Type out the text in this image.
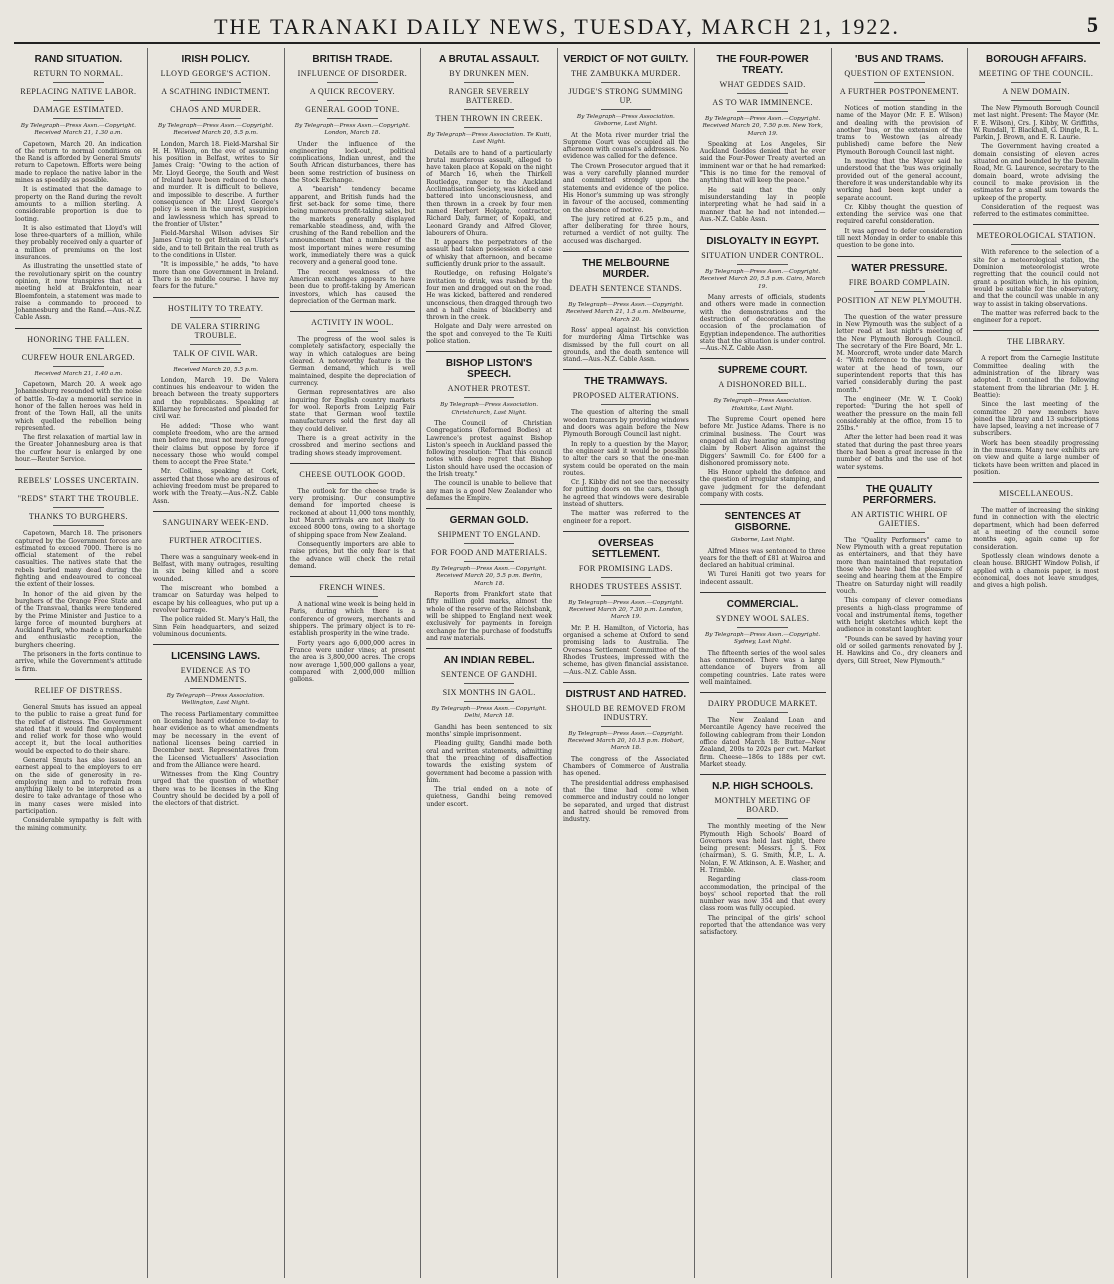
THE TARANAKI DAILY NEWS, TUESDAY, MARCH 21, 1922.	5
RAND SITUATION.
RETURN TO NORMAL.
REPLACING NATIVE LABOR.
DAMAGE ESTIMATED.
By Telegraph—Press Assn.—Copyright. Received March 21, 1.30 a.m.

Capetown, March 20. An indication of the return to normal conditions on the Rand is afforded by General Smuts' return to Capetown. Efforts were being made to replace the native labor in the mines as speedily as possible.

It is estimated that the damage to property on the Rand during the revolt amounts to a million sterling. A considerable proportion is due to looting.

It is also estimated that Lloyd's will lose three-quarters of a million, while they probably received only a quarter of a million of premiums on the lost insurances.

As illustrating the unsettled state of the revolutionary spirit on the country opinion, it now transpires that at a meeting held at Brakfontein, near Bloemfontein, a statement was made to raise a commando to proceed to Johannesburg and the Rand.—Aus.-N.Z. Cable Assn.

HONORING THE FALLEN.
CURFEW HOUR ENLARGED.
Received March 21, 1.40 a.m.

Capetown, March 20. A week ago Johannesburg resounded with the noise of battle. To-day a memorial service in honor of the fallen heroes was held in front of the Town Hall, all the units which quelled the rebellion being represented.

The first relaxation of martial law in the Greater Johannesburg area is that the curfew hour is enlarged by one hour.—Reuter Service.

REBELS' LOSSES UNCERTAIN.
"REDS" START THE TROUBLE.
THANKS TO BURGHERS.

Capetown, March 18. The prisoners captured by the Government forces are estimated to exceed 7000. There is no official statement of the rebel casualties. The natives state that the rebels buried many dead during the fighting and endeavoured to conceal the extent of their losses.

In honor of the aid given by the burghers of the Orange Free State and of the Transvaal, thanks were tendered by the Prime Minister and Justice to a large force of mounted burghers at Auckland Park, who made a remarkable and enthusiastic reception, the burghers cheering.

The prisoners in the forts continue to arrive, while the Government's attitude is firm.

RELIEF OF DISTRESS.

General Smuts has issued an appeal to the public to raise a great fund for the relief of distress. The Government stated that it would find employment and relief work for those who would accept it, but the local authorities would be expected to do their share.

General Smuts has also issued an earnest appeal to the employers to err on the side of generosity in re-employing men and to refrain from anything likely to be interpreted as a desire to take advantage of those who in many cases were misled into participation.

Considerable sympathy is felt with the mining community.

IRISH POLICY.
LLOYD GEORGE'S ACTION.
A SCATHING INDICTMENT.
CHAOS AND MURDER.
By Telegraph—Press Assn.—Copyright. Received March 20, 5.5 p.m.

London, March 18. Field-Marshal Sir H. H. Wilson, on the eve of assuming his position in Belfast, writes to Sir James Craig: "Owing to the action of Mr. Lloyd George, the South and West of Ireland have been reduced to chaos and murder. It is difficult to believe, and impossible to describe. A further consequence of Mr. Lloyd George's policy is seen in the unrest, suspicion and lawlessness which has spread to the frontier of Ulster."

Field-Marshal Wilson advises Sir James Craig to get Britain on Ulster's side, and to tell Britain the real truth as to the conditions in Ulster.

"It is impossible," he adds, "to have more than one Government in Ireland. There is no middle course. I have my fears for the future."

HOSTILITY TO TREATY.
DE VALERA STIRRING TROUBLE.
TALK OF CIVIL WAR.
Received March 20, 5.5 p.m.

London, March 19. De Valera continues his endeavour to widen the breach between the treaty supporters and the republicans. Speaking at Killarney he forecasted and pleaded for civil war.

He added: "Those who want complete freedom, who are the armed men before me, must not merely forego their claims but oppose by force if necessary those who would compel them to accept the Free State."

Mr. Collins, speaking at Cork, asserted that those who are desirous of achieving freedom must be prepared to work with the Treaty.—Aus.-N.Z. Cable Assn.

SANGUINARY WEEK-END.
FURTHER ATROCITIES.

There was a sanguinary week-end in Belfast, with many outrages, resulting in six being killed and a score wounded.

The miscreant who bombed a tramcar on Saturday was helped to escape by his colleagues, who put up a revolver barrage.

The police raided St. Mary's Hall, the Sinn Fein headquarters, and seized voluminous documents.

LICENSING LAWS.
EVIDENCE AS TO AMENDMENTS.
By Telegraph—Press Association. Wellington, Last Night.

The recess Parliamentary committee on licensing heard evidence to-day to hear evidence as to what amendments may be necessary in the event of national licenses being carried in December next. Representatives from the Licensed Victuallers' Association and from the Alliance were heard.

Witnesses from the King Country urged that the question of whether there was to be licenses in the King Country should be decided by a poll of the electors of that district.

BRITISH TRADE.
INFLUENCE OF DISORDER.
A QUICK RECOVERY.
GENERAL GOOD TONE.
By Telegraph—Press Assn.—Copyright. London, March 18.

Under the influence of the engineering lock-out, political complications, Indian unrest, and the South African disturbances, there has been some restriction of business on the Stock Exchange.

A "bearish" tendency became apparent, and British funds had the first set-back for some time, there being numerous profit-taking sales, but the markets generally displayed remarkable steadiness, and, with the crushing of the Rand rebellion and the announcement that a number of the most important mines were resuming work, immediately there was a quick recovery and a general good tone.

The recent weakness of the American exchanges appears to have been due to profit-taking by American investors, which has caused the depreciation of the German mark.

ACTIVITY IN WOOL.

The progress of the wool sales is completely satisfactory, especially the way in which catalogues are being cleared. A noteworthy feature is the German demand, which is well maintained, despite the depreciation of currency.

German representatives are also inquiring for English country markets for wool. Reports from Leipzig Fair state that German wool textile manufacturers sold the first day all they could deliver.

There is a great activity in the crossbred and merino sections and trading shows steady improvement.

CHEESE OUTLOOK GOOD.

The outlook for the cheese trade is very promising. Our consumptive demand for imported cheese is reckoned at about 11,000 tons monthly, but March arrivals are not likely to exceed 8000 tons, owing to a shortage of shipping space from New Zealand.

Consequently importers are able to raise prices, but the only fear is that the advance will check the retail demand.

FRENCH WINES.

A national wine week is being held in Paris, during which there is a conference of growers, merchants and shippers. The primary object is to re-establish prosperity in the wine trade.

Forty years ago 6,000,000 acres in France were under vines; at present the area is 3,800,000 acres. The crops now average 1,500,000 gallons a year, compared with 2,000,000 million gallons.

A BRUTAL ASSAULT.
BY DRUNKEN MEN.
RANGER SEVERELY BATTERED.
THEN THROWN IN CREEK.
By Telegraph—Press Association. Te Kuiti, Last Night.

Details are to hand of a particularly brutal murderous assault, alleged to have taken place at Kopaki on the night of March 16, when the Thirkell Routledge, ranger to the Auckland Acclimatisation Society, was kicked and battered into unconsciousness, and then thrown in a creek by four men named Herbert Holgate, contractor, Richard Daly, farmer, of Kopaki, and Leonard Grandy and Alfred Glover, labourers of Ohura.

It appears the perpetrators of the assault had taken possession of a case of whisky that afternoon, and became sufficiently drunk prior to the assault.

Routledge, on refusing Holgate's invitation to drink, was rushed by the four men and dragged out on the road. He was kicked, battered and rendered unconscious, then dragged through two and a half chains of blackberry and thrown in the creek.

Holgate and Daly were arrested on the spot and conveyed to the Te Kuiti police station.

BISHOP LISTON'S SPEECH.
ANOTHER PROTEST.
By Telegraph—Press Association. Christchurch, Last Night.

The Council of Christian Congregations (Reformed Bodies) at Lawrence's protest against Bishop Liston's speech in Auckland passed the following resolution: "That this council notes with deep regret that Bishop Liston should have used the occasion of the Irish treaty."

The council is unable to believe that any man is a good New Zealander who defames the Empire.

GERMAN GOLD.
SHIPMENT TO ENGLAND.
FOR FOOD AND MATERIALS.
By Telegraph—Press Assn.—Copyright. Received March 20, 5.5 p.m. Berlin, March 18.

Reports from Frankfort state that fifty million gold marks, almost the whole of the reserve of the Reichsbank, will be shipped to England next week exclusively for payments in foreign exchange for the purchase of foodstuffs and raw materials.

AN INDIAN REBEL.
SENTENCE OF GANDHI.
SIX MONTHS IN GAOL.
By Telegraph—Press Assn.—Copyright. Delhi, March 18.

Gandhi has been sentenced to six months' simple imprisonment.

Pleading guilty, Gandhi made both oral and written statements, admitting that the preaching of disaffection towards the existing system of government had become a passion with him.

The trial ended on a note of quietness, Gandhi being removed under escort.

VERDICT OF NOT GUILTY.
THE ZAMBUKKA MURDER.
JUDGE'S STRONG SUMMING UP.
By Telegraph—Press Association. Gisborne, Last Night.

At the Mota river murder trial the Supreme Court was occupied all the afternoon with counsel's addresses. No evidence was called for the defence.

The Crown Prosecutor argued that it was a very carefully planned murder and committed strongly upon the statements and evidence of the police. His Honor's summing up was strongly in favour of the accused, commenting on the absence of motive.

The jury retired at 6.25 p.m., and after deliberating for three hours, returned a verdict of not guilty. The accused was discharged.

THE MELBOURNE MURDER.
DEATH SENTENCE STANDS.
By Telegraph—Press Assn.—Copyright. Received March 21, 1.5 a.m. Melbourne, March 20.

Ross' appeal against his conviction for murdering Alma Tirtschke was dismissed by the full court on all grounds, and the death sentence will stand.—Aus.-N.Z. Cable Assn.

THE TRAMWAYS.
PROPOSED ALTERATIONS.

The question of altering the small wooden tramcars by providing windows and doors was again before the New Plymouth Borough Council last night.

In reply to a question by the Mayor, the engineer said it would be possible to alter the cars so that the one-man system could be operated on the main routes.

Cr. J. Kibby did not see the necessity for putting doors on the cars, though he agreed that windows were desirable instead of shutters.

The matter was referred to the engineer for a report.

OVERSEAS SETTLEMENT.
FOR PROMISING LADS.
RHODES TRUSTEES ASSIST.
By Telegraph—Press Assn.—Copyright. Received March 20, 7.30 p.m. London, March 19.

Mr. P. H. Hamilton, of Victoria, has organised a scheme at Oxford to send promising lads to Australia. The Overseas Settlement Committee of the Rhodes Trustees, impressed with the scheme, has given financial assistance.—Aus.-N.Z. Cable Assn.

DISTRUST AND HATRED.
SHOULD BE REMOVED FROM INDUSTRY.
By Telegraph—Press Assn.—Copyright. Received March 20, 10.15 p.m. Hobart, March 18.

The congress of the Associated Chambers of Commerce of Australia has opened.

The presidential address emphasised that the time had come when commerce and industry could no longer be separated, and urged that distrust and hatred should be removed from industry.

THE FOUR-POWER TREATY.
WHAT GEDDES SAID.
AS TO WAR IMMINENCE.
By Telegraph—Press Assn.—Copyright. Received March 20, 7.50 p.m. New York, March 19.

Speaking at Los Angeles, Sir Auckland Geddes denied that he ever said the Four-Power Treaty averted an imminent war or that he had remarked: "This is no time for the removal of anything that will keep the peace."

He said that the only misunderstanding lay in people interpreting what he had said in a manner that he had not intended.—Aus.-N.Z. Cable Assn.

DISLOYALTY IN EGYPT.
SITUATION UNDER CONTROL.
By Telegraph—Press Assn.—Copyright. Received March 20, 5.5 p.m. Cairo, March 19.

Many arrests of officials, students and others were made in connection with the demonstrations and the destruction of decorations on the occasion of the proclamation of Egyptian independence. The authorities state that the situation is under control.—Aus.-N.Z. Cable Assn.

SUPREME COURT.
A DISHONORED BILL.
By Telegraph—Press Association. Hokitika, Last Night.

The Supreme Court opened here before Mr. Justice Adams. There is no criminal business. The Court was engaged all day hearing an interesting claim by Robert Alison against the Diggers' Sawmill Co. for £400 for a dishonored promissory note.

His Honor upheld the defence and the question of irregular stamping, and gave judgment for the defendant company with costs.

SENTENCES AT GISBORNE.
Gisborne, Last Night.

Alfred Mines was sentenced to three years for the theft of £81 at Wairoa and declared an habitual criminal.

Wi Turei Haniti got two years for indecent assault.

COMMERCIAL.
SYDNEY WOOL SALES.
By Telegraph—Press Assn.—Copyright. Sydney, Last Night.

The fifteenth series of the wool sales has commenced. There was a large attendance of buyers from all competing countries. Late rates were well maintained.

DAIRY PRODUCE MARKET.

The New Zealand Loan and Mercantile Agency have received the following cablegram from their London office dated March 18: Butter—New Zealand, 200s to 202s per cwt. Market firm. Cheese—186s to 188s per cwt. Market steady.

N.P. HIGH SCHOOLS.
MONTHLY MEETING OF BOARD.

The monthly meeting of the New Plymouth High Schools' Board of Governors was held last night, there being present: Messrs. J. S. Fox (chairman), S. G. Smith, M.P., L. A. Nolan, F. W. Atkinson, A. E. Washer, and H. Trimble.

Regarding class-room accommodation, the principal of the boys' school reported that the roll number was now 354 and that every class room was fully occupied.

The principal of the girls' school reported that the attendance was very satisfactory.

'BUS AND TRAMS.
QUESTION OF EXTENSION.
A FURTHER POSTPONEMENT.

Notices of motion standing in the name of the Mayor (Mr. F. E. Wilson) and dealing with the provision of another 'bus, or the extension of the trams to Westown (as already published) came before the New Plymouth Borough Council last night.

In moving that the Mayor said he understood that the 'bus was originally provided out of the general account, therefore it was understandable why its working had been kept under a separate account.

Cr. Kibby thought the question of extending the service was one that required careful consideration.

It was agreed to defer consideration till next Monday in order to enable this question to be gone into.

WATER PRESSURE.
FIRE BOARD COMPLAIN.
POSITION AT NEW PLYMOUTH.

The question of the water pressure in New Plymouth was the subject of a letter read at last night's meeting of the New Plymouth Borough Council. The secretary of the Fire Board, Mr. L. M. Moorcroft, wrote under date March 4: "With reference to the pressure of water at the head of town, our superintendent reports that this has varied considerably during the past month."

The engineer (Mr. W. T. Cook) reported: "During the hot spell of weather the pressure on the main fell considerably at the office, from 15 to 25lbs."

After the letter had been read it was stated that during the past three years there had been a great increase in the number of baths and the use of hot water systems.

THE QUALITY PERFORMERS.
AN ARTISTIC WHIRL OF GAIETIES.

The "Quality Performers" came to New Plymouth with a great reputation as entertainers, and that they have more than maintained that reputation those who have had the pleasure of seeing and hearing them at the Empire Theatre on Saturday night will readily vouch.

This company of clever comedians presents a high-class programme of vocal and instrumental items, together with bright sketches which kept the audience in constant laughter.

"Pounds can be saved by having your old or soiled garments renovated by J. H. Hawkins and Co., dry cleaners and dyers, Gill Street, New Plymouth."

BOROUGH AFFAIRS.
MEETING OF THE COUNCIL.
A NEW DOMAIN.

The New Plymouth Borough Council met last night. Present: The Mayor (Mr. F. E. Wilson), Crs. J. Kibby, W. Griffiths, W. Rundall, T. Blackhall, G. Dingle, R. L. Parkin, J. Brown, and E. R. Laurie.

The Government having created a domain consisting of eleven acres situated on and bounded by the Devalin Road, Mr. G. Laurence, secretary to the domain board, wrote advising the council to make provision in the estimates for a small sum towards the upkeep of the property.

Consideration of the request was referred to the estimates committee.

METEOROLOGICAL STATION.

With reference to the selection of a site for a meteorological station, the Dominion meteorologist wrote regretting that the council could not grant a position which, in his opinion, would be suitable for the observatory, and that the council was unable in any way to assist in taking observations.

The matter was referred back to the engineer for a report.

THE LIBRARY.

A report from the Carnegie Institute Committee dealing with the administration of the library was adopted. It contained the following statement from the librarian (Mr. J. H. Beattie):

Since the last meeting of the committee 20 new members have joined the library and 13 subscriptions have lapsed, leaving a net increase of 7 subscribers.

Work has been steadily progressing in the museum. Many new exhibits are on view and quite a large number of tickets have been written and placed in position.

MISCELLANEOUS.

The matter of increasing the sinking fund in connection with the electric department, which had been deferred at a meeting of the council some months ago, again came up for consideration.

Spotlessly clean windows denote a clean house. BRIGHT Window Polish, if applied with a chamois paper, is most economical, does not leave smudges, and gives a high polish.
